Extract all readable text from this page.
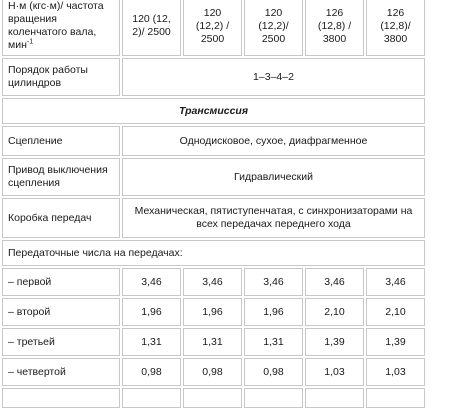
Н·м (кгс·м)/ частота вращения коленчатого вала, мин$^{-1}$	120 (12, 2)/ 2500	120 (12,2) / 2500	120 (12,2)/ 2500	126 (12,8) / 3800	126 (12,8)/ 3800
Порядок работы цилиндров	1–3–4–2				
Трансмиссия					
Сцепление	Однодисковое, сухое, диафрагменное				
Привод выключения сцепления	Гидравлический				
Коробка передач	Механическая, пятиступенчатая, с синхронизаторами на всех передачах переднего хода				
Передаточные числа на передачах:					
– первой	3,46	3,46	3,46	3,46	3,46
– второй	1,96	1,96	1,96	2,10	2,10
– третьей	1,31	1,31	1,31	1,39	1,39
– четвертой	0,98	0,98	0,98	1,03	1,03
